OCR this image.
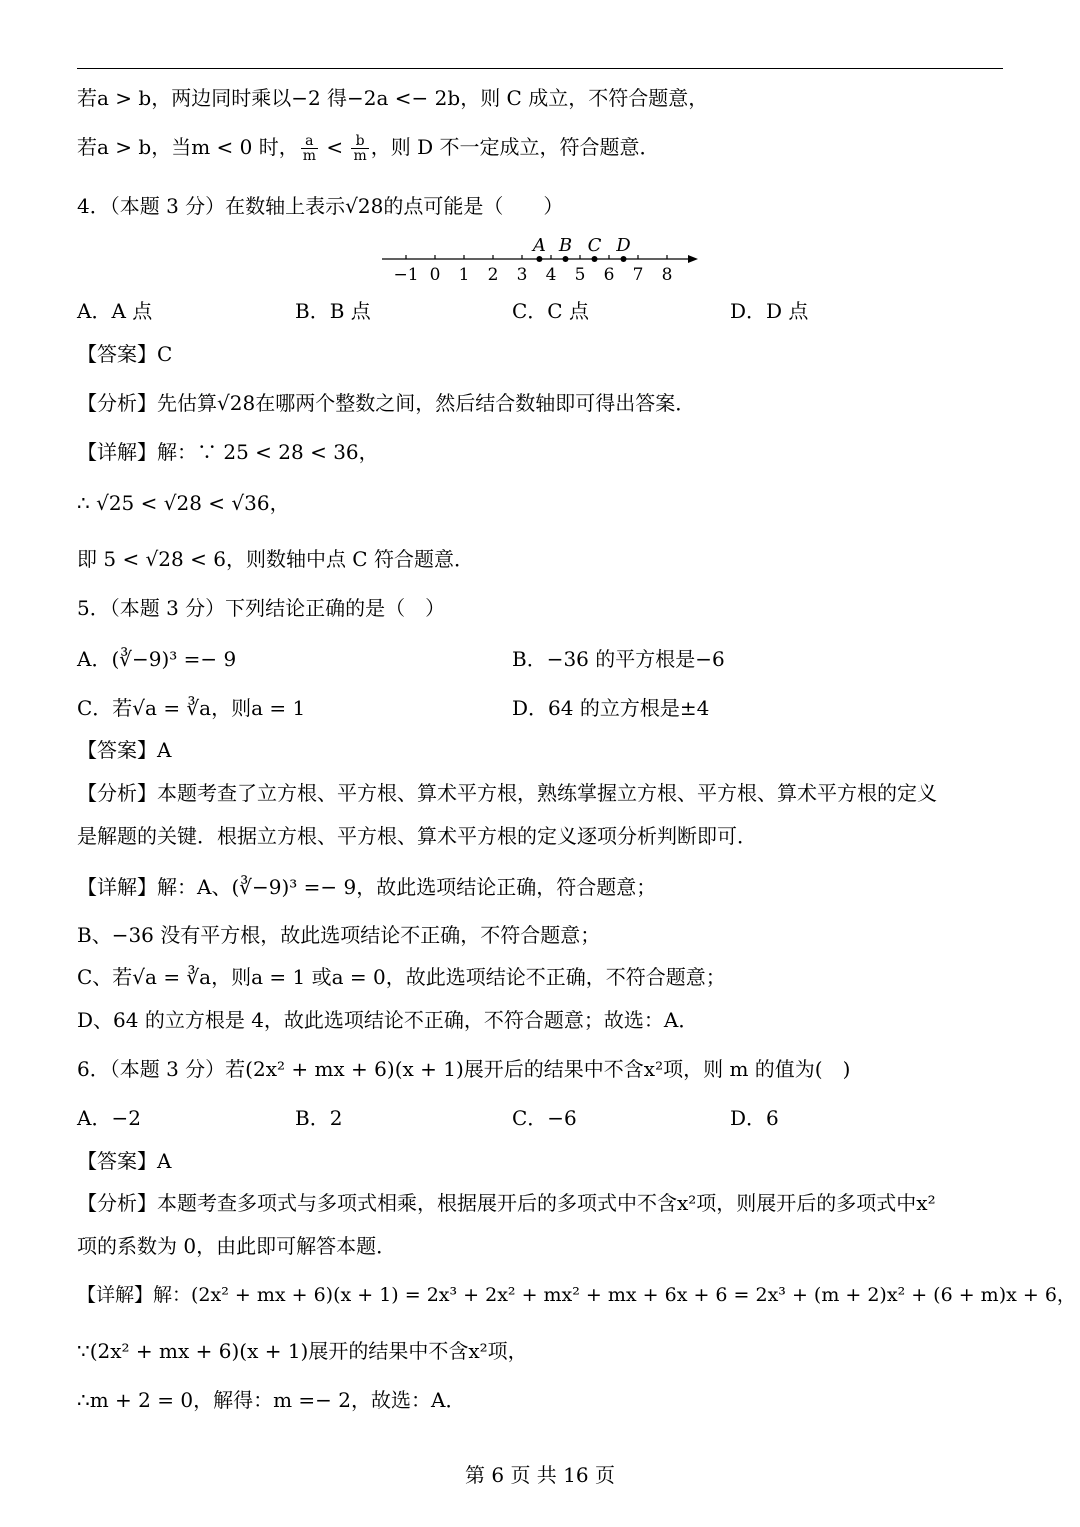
若a > b，两边同时乘以−2 得−2a <− 2b，则 C 成立，不符合题意，
若a > b，当m < 0 时， $\frac{a}{m} < \frac{b}{m}$ ，则 D 不一定成立，符合题意．
4．（本题 3 分）在数轴上表示√28的点可能是（　　）
−1 0 1 2 3 4 5 6 7 8
A B C D
A．A 点	B．B 点	C．C 点	D．D 点
【答案】C
【分析】先估算√28在哪两个整数之间，然后结合数轴即可得出答案．
【详解】解：∵ 25 < 28 < 36，
∴ √25 < √28 < √36，
即 5 < √28 < 6，则数轴中点 C 符合题意．
5．（本题 3 分）下列结论正确的是（　）
A．(∛−9)³ =− 9	B．−36 的平方根是−6
C．若√a = ∛a，则a = 1	D．64 的立方根是±4
【答案】A
【分析】本题考查了立方根、平方根、算术平方根，熟练掌握立方根、平方根、算术平方根的定义
是解题的关键．根据立方根、平方根、算术平方根的定义逐项分析判断即可．
【详解】解：A、(∛−9)³ =− 9，故此选项结论正确，符合题意；
B、−36 没有平方根，故此选项结论不正确，不符合题意；
C、若√a = ∛a，则a = 1 或a = 0，故此选项结论不正确，不符合题意；
D、64 的立方根是 4，故此选项结论不正确，不符合题意；故选：A．
6．（本题 3 分）若(2x² + mx + 6)(x + 1)展开后的结果中不含x²项，则 m 的值为(　)
A．−2	B．2	C．−6	D．6
【答案】A
【分析】本题考查多项式与多项式相乘，根据展开后的多项式中不含x²项，则展开后的多项式中x²
项的系数为 0，由此即可解答本题．
【详解】解：(2x² + mx + 6)(x + 1) = 2x³ + 2x² + mx² + mx + 6x + 6 = 2x³ + (m + 2)x² + (6 + m)x + 6，
∵(2x² + mx + 6)(x + 1)展开的结果中不含x²项，
∴m + 2 = 0，解得：m =− 2，故选：A．
第 6 页 共 16 页
